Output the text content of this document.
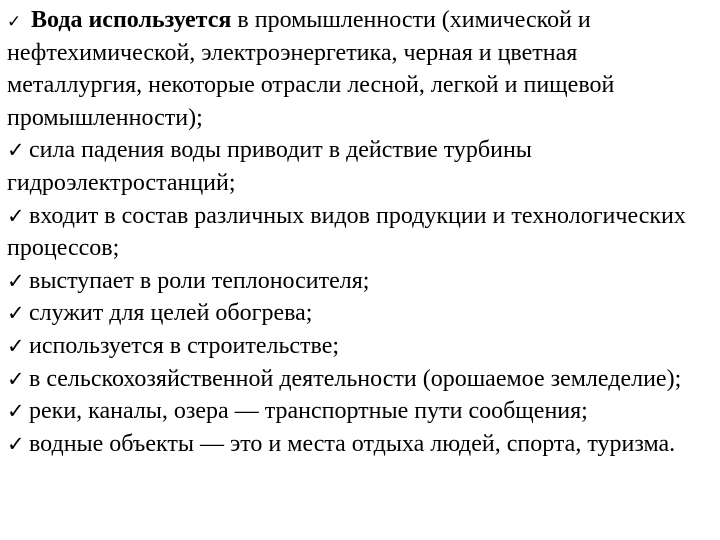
✓ Вода используется в промышленности (химической и нефтехимической, электроэнергетика, черная и цветная металлургия, некоторые отрасли лесной, легкой и пищевой промышленности);

✓ сила падения воды приводит в действие турбины гидроэлектростанций;

✓ входит в состав различных видов продукции и технологических процессов;

✓ выступает в роли теплоносителя;

✓ служит для целей обогрева;

✓ используется в строительстве;

✓ в сельскохозяйственной деятельности (орошаемое земледелие);

✓ реки, каналы, озера — транспортные пути сообщения;

✓ водные объекты — это и места отдыха людей, спорта, туризма.
